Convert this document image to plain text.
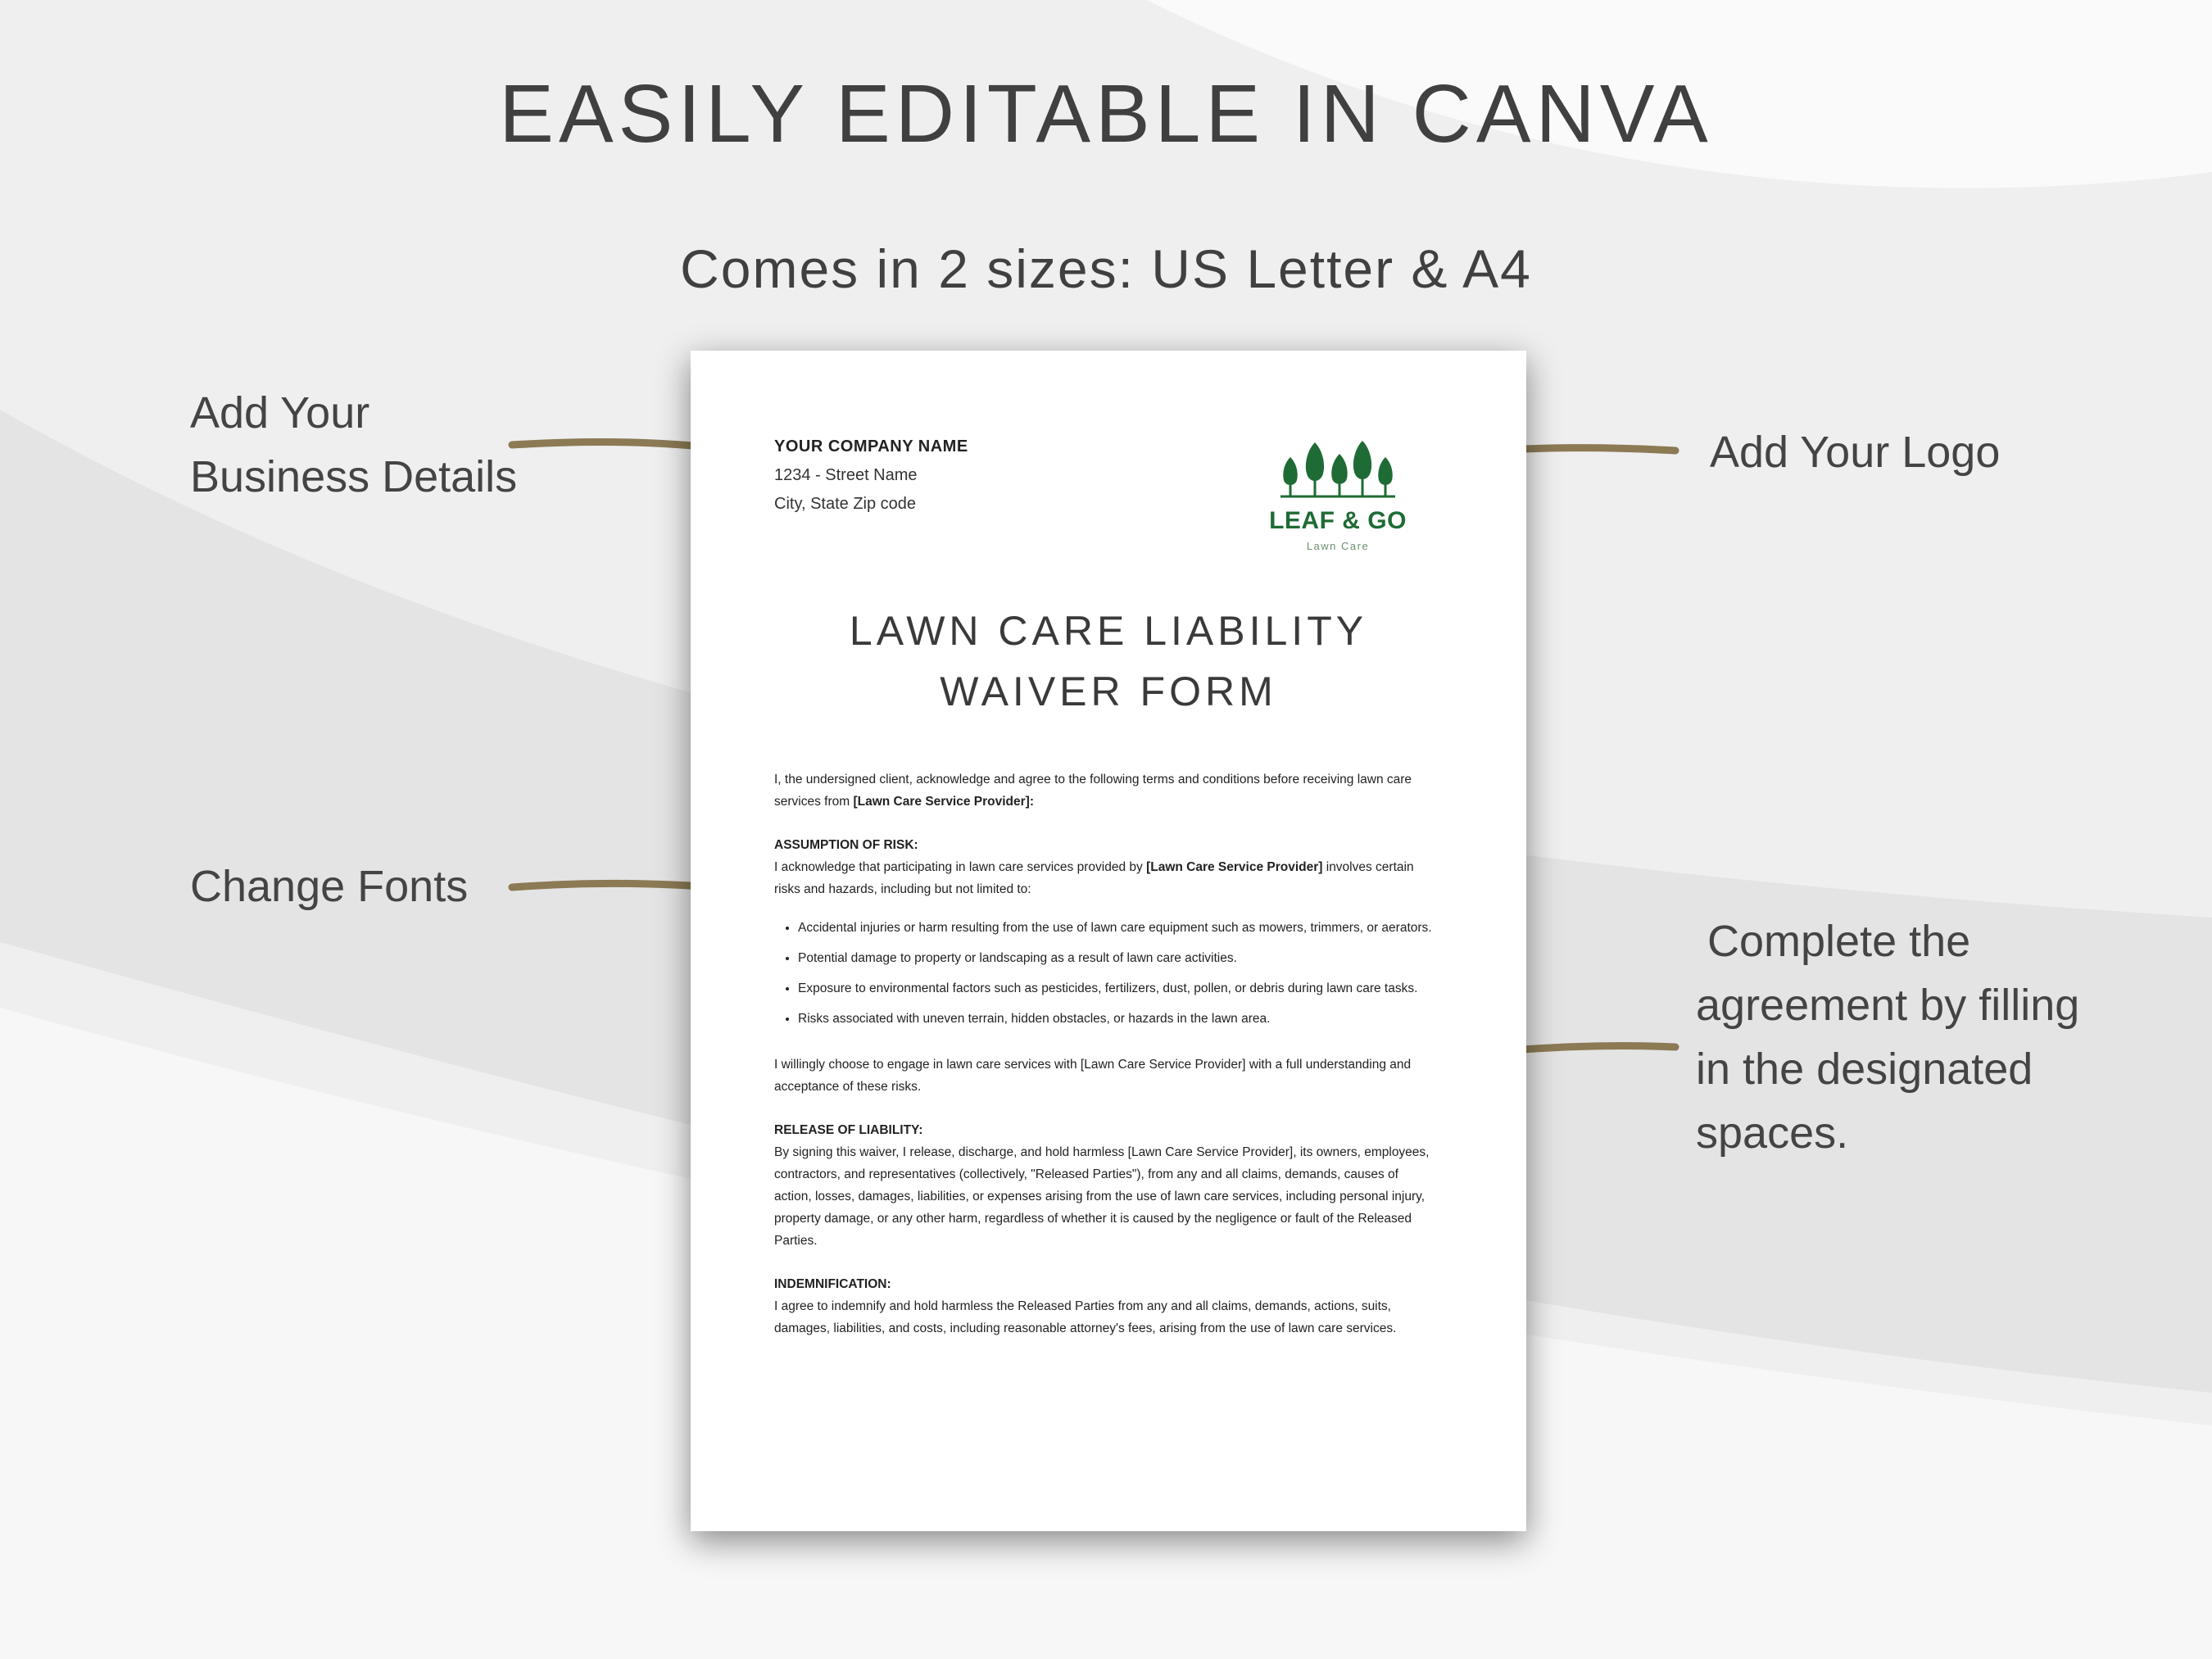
EASILY EDITABLE IN CANVA
Comes in 2 sizes: US Letter & A4
Add Your
Business Details	Add Your Logo
Change Fonts
Complete the
agreement by filling
in the designated
spaces.
YOUR COMPANY NAME
1234 - Street Name
City, State Zip code
LEAF & GO
Lawn Care
LAWN CARE LIABILITY
WAIVER FORM

I, the undersigned client, acknowledge and agree to the following terms and conditions before receiving lawn care services from [Lawn Care Service Provider]:

ASSUMPTION OF RISK:

I acknowledge that participating in lawn care services provided by [Lawn Care Service Provider] involves certain risks and hazards, including but not limited to:

• Accidental injuries or harm resulting from the use of lawn care equipment such as mowers, trimmers, or aerators.
• Potential damage to property or landscaping as a result of lawn care activities.
• Exposure to environmental factors such as pesticides, fertilizers, dust, pollen, or debris during lawn care tasks.
• Risks associated with uneven terrain, hidden obstacles, or hazards in the lawn area.

I willingly choose to engage in lawn care services with [Lawn Care Service Provider] with a full understanding and acceptance of these risks.

RELEASE OF LIABILITY:

By signing this waiver, I release, discharge, and hold harmless [Lawn Care Service Provider], its owners, employees, contractors, and representatives (collectively, "Released Parties"), from any and all claims, demands, causes of action, losses, damages, liabilities, or expenses arising from the use of lawn care services, including personal injury, property damage, or any other harm, regardless of whether it is caused by the negligence or fault of the Released Parties.

INDEMNIFICATION:

I agree to indemnify and hold harmless the Released Parties from any and all claims, demands, actions, suits, damages, liabilities, and costs, including reasonable attorney's fees, arising from the use of lawn care services.
